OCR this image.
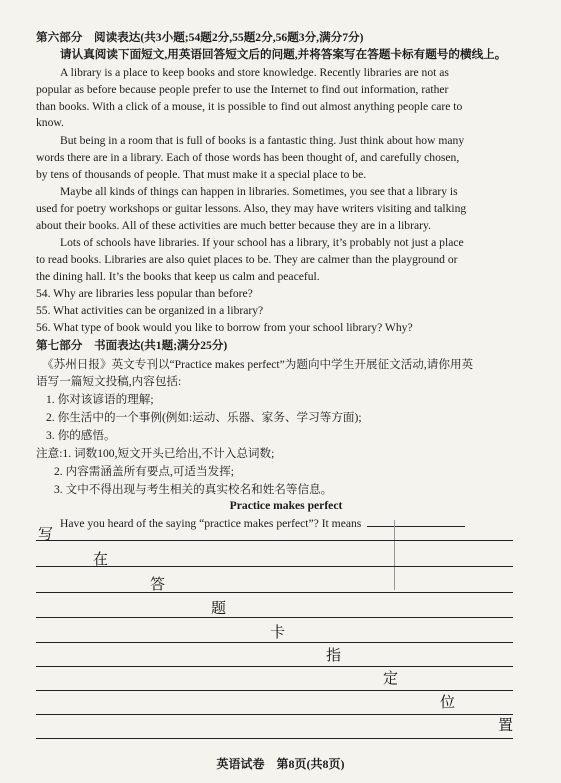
第六部分　阅读表达(共3小题;54题2分,55题2分,56题3分,满分7分)
请认真阅读下面短文,用英语回答短文后的问题,并将答案写在答题卡标有题号的横线上。
A library is a place to keep books and store knowledge. Recently libraries are not as
popular as before because people prefer to use the Internet to find out information, rather
than books. With a click of a mouse, it is possible to find out almost anything people care to
know.
But being in a room that is full of books is a fantastic thing. Just think about how many
words there are in a library. Each of those words has been thought of, and carefully chosen,
by tens of thousands of people. That must make it a special place to be.
Maybe all kinds of things can happen in libraries. Sometimes, you see that a library is
used for poetry workshops or guitar lessons. Also, they may have writers visiting and talking
about their books. All of these activities are much better because they are in a library.
Lots of schools have libraries. If your school has a library, it’s probably not just a place
to read books. Libraries are also quiet places to be. They are calmer than the playground or
the dining hall. It’s the books that keep us calm and peaceful.
54. Why are libraries less popular than before?
55. What activities can be organized in a library?
56. What type of book would you like to borrow from your school library? Why?
第七部分　书面表达(共1题;满分25分)
《苏州日报》英文专刊以“Practice makes perfect”为题向中学生开展征文活动,请你用英
语写一篇短文投稿,内容包括:
1. 你对该谚语的理解;
2. 你生活中的一个事例(例如:运动、乐器、家务、学习等方面);
3. 你的感悟。
注意:1. 词数100,短文开头已给出,不计入总词数;
2. 内容需涵盖所有要点,可适当发挥;
3. 文中不得出现与考生相关的真实校名和姓名等信息。
Practice makes perfect
Have you heard of the saying “practice makes perfect”? It means
写
在
答
题
卡
指
定
位
置
英语试卷　第8页(共8页)
